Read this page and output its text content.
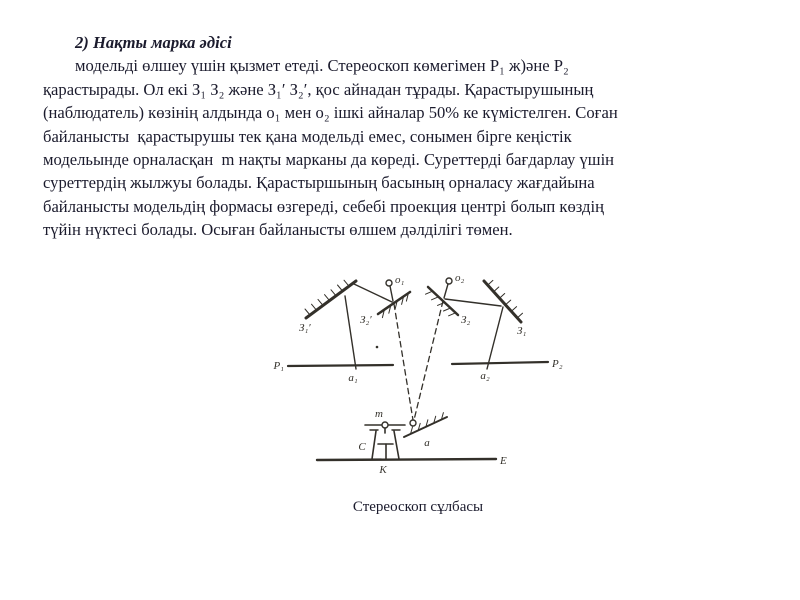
2) Нақты марка әдісі
модельді өлшеу үшін қызмет етеді. Стереоскоп көмегімен P₁ ж)әне P₂
қарастырады. Ол екі З₁ З₂ және З₁′ З₂′, қос айнадан тұрады. Қарастырушының
(наблюдатель) көзінің алдында о₁ мен о₂ ішкі айналар 50% ке күмістелген. Соған
байланысты  қарастырушы тек қана модельді емес, сонымен бірге кеңістік
модельынде орналасқан  m нақты марканы да көреді. Суреттерді бағдарлау үшін
суреттердің жылжуы болады. Қарастыршының басының орналасу жағдайына
байланысты модельдің формасы өзгереді, себебі проекция центрі болып көздің
түйін нүктесі болады. Осыған байланысты өлшем дәлділігі төмен.
P₁
a₁
З₁′
З₂′
о₁	о₂
З₂
З₁
a₂
P₂
m
C
K
E
a
Стереоскоп сұлбасы
